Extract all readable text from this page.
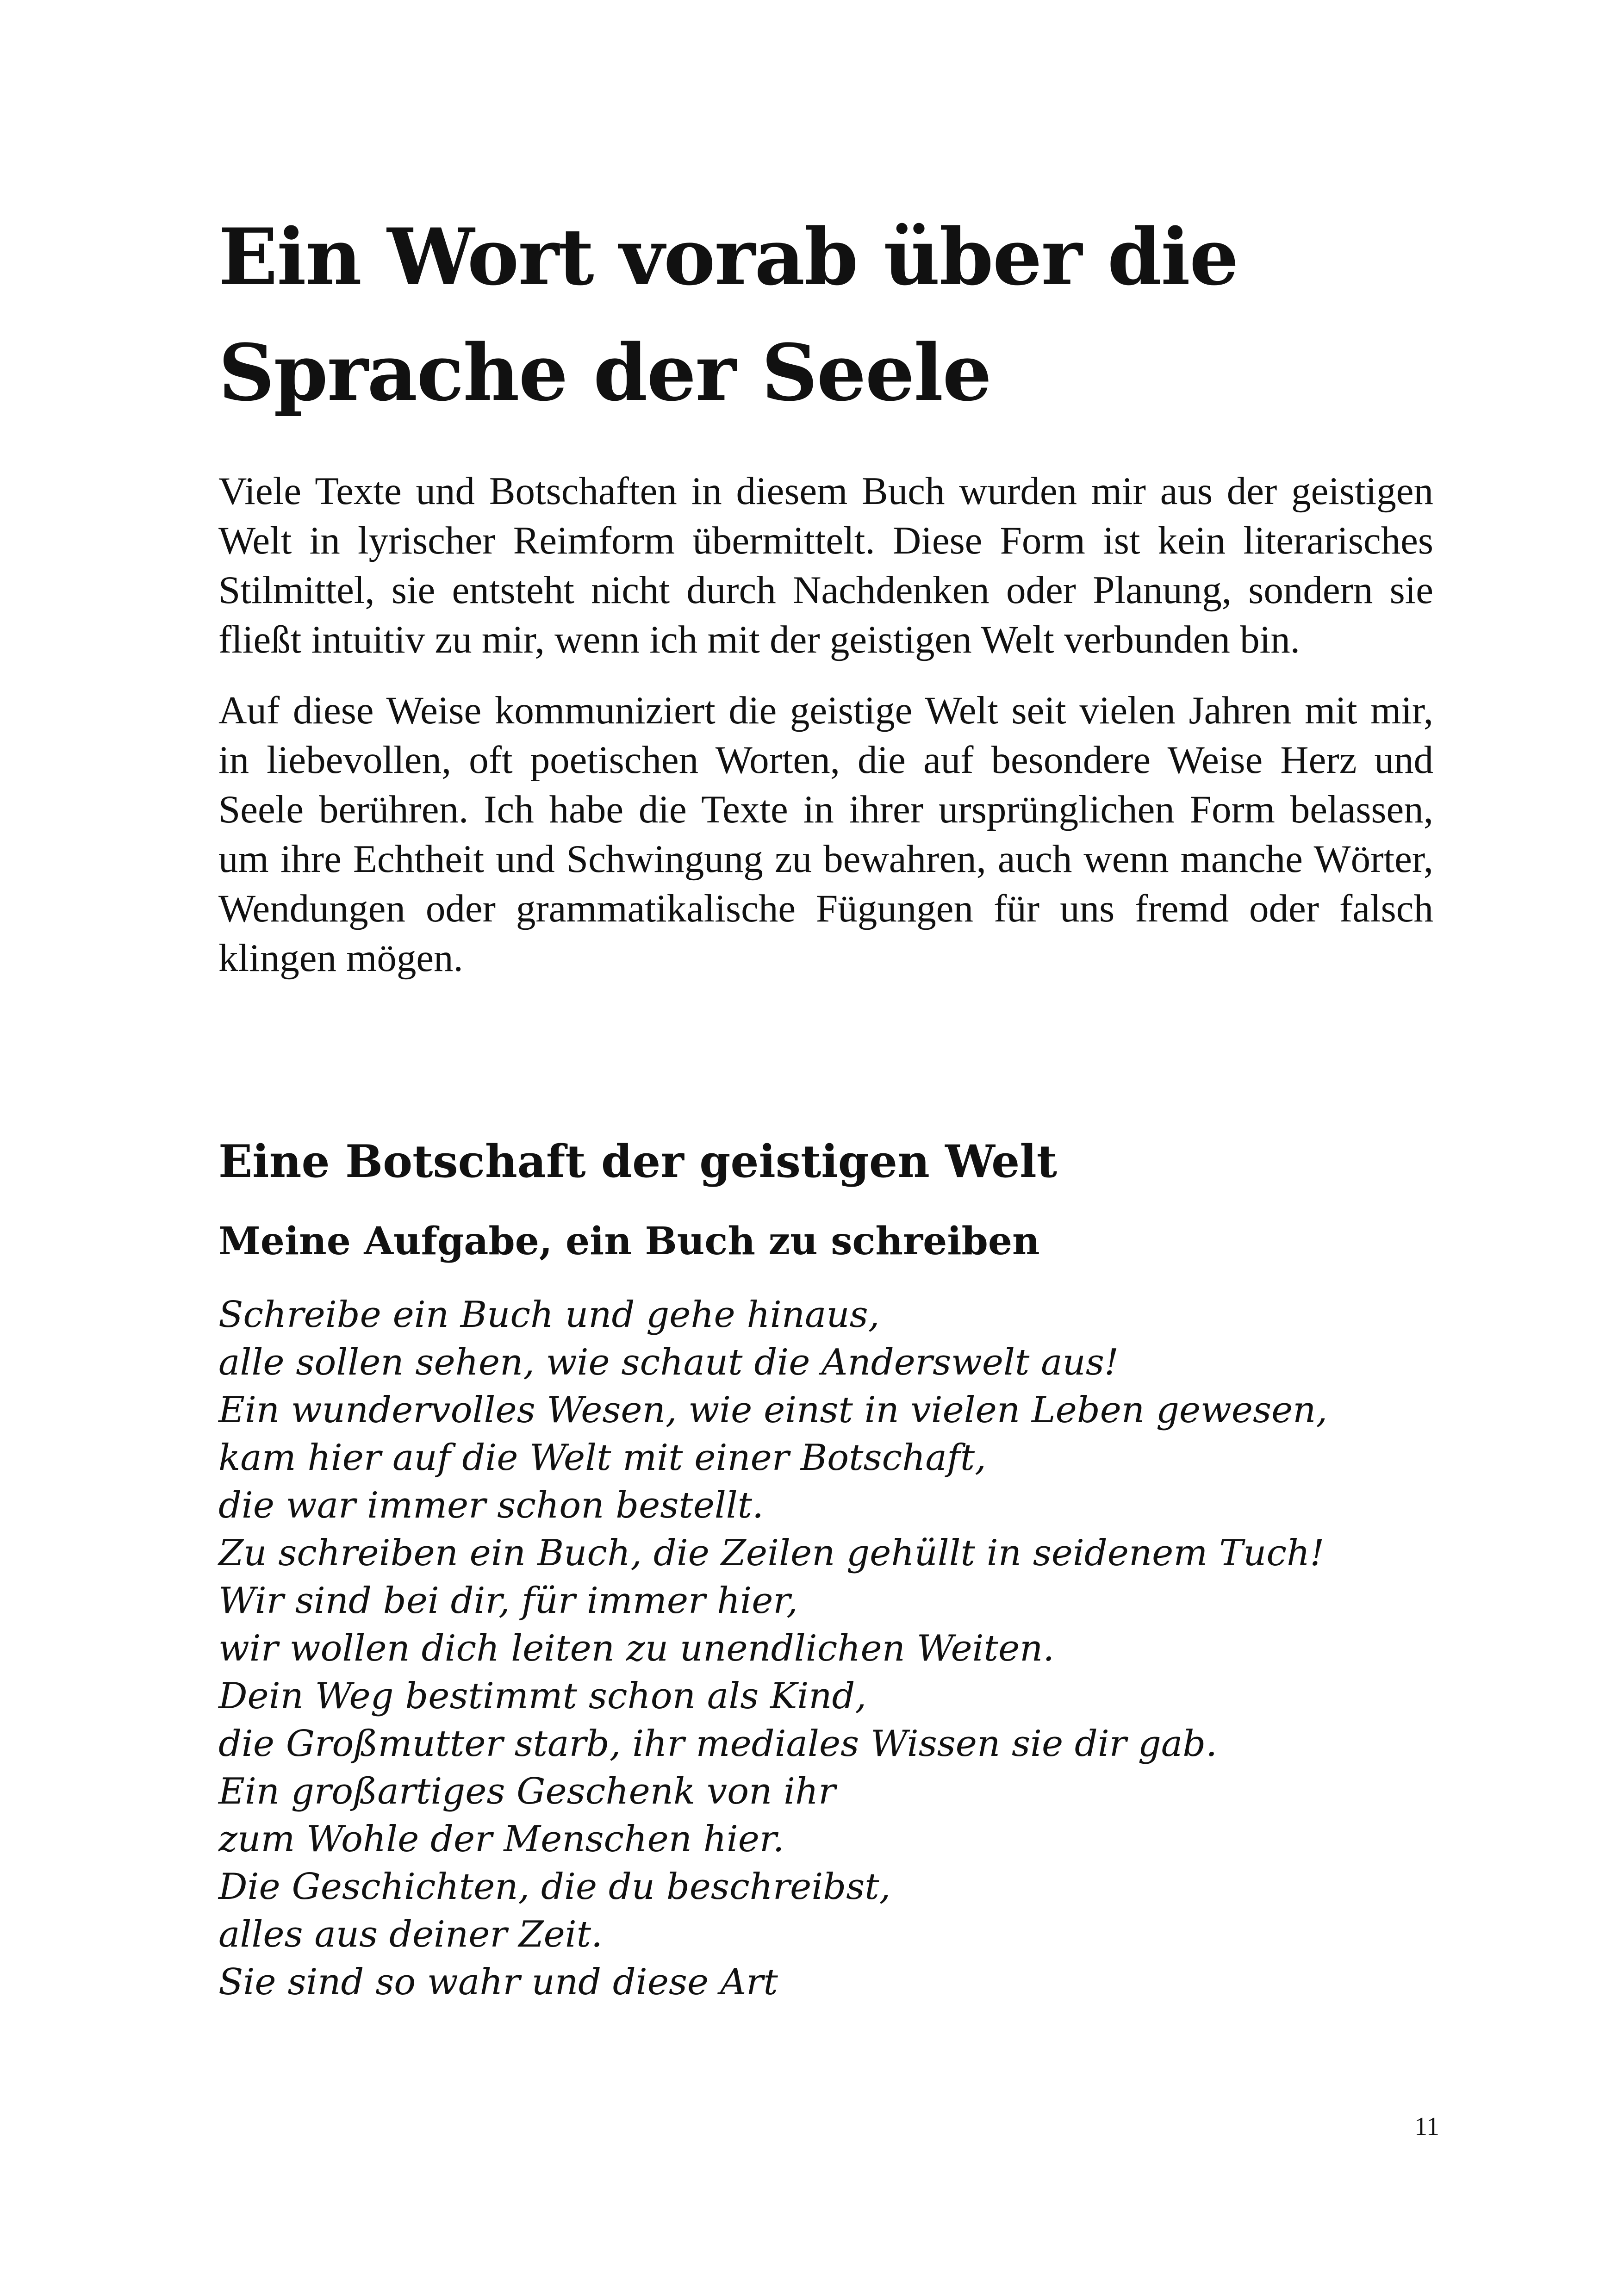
Ein Wort vorab über die
Sprache der Seele

Viele Texte und Botschaften in diesem Buch wurden mir aus der geistigen Welt in lyrischer Reimform übermittelt. Diese Form ist kein literarisches Stilmittel, sie entsteht nicht durch Nachdenken oder Planung, sondern sie fließt intuitiv zu mir, wenn ich mit der geistigen Welt verbunden bin.

Auf diese Weise kommuniziert die geistige Welt seit vielen Jahren mit mir, in liebevollen, oft poetischen Worten, die auf besondere Weise Herz und Seele berühren. Ich habe die Texte in ihrer ursprünglichen Form belassen, um ihre Echtheit und Schwingung zu bewahren, auch wenn manche Wörter, Wendungen oder grammatikalische Fügungen für uns fremd oder falsch klingen mögen.

Eine Botschaft der geistigen Welt
Meine Aufgabe, ein Buch zu schreiben
Schreibe ein Buch und gehe hinaus,
alle sollen sehen, wie schaut die Anderswelt aus!
Ein wundervolles Wesen, wie einst in vielen Leben gewesen,
kam hier auf die Welt mit einer Botschaft,
die war immer schon bestellt.
Zu schreiben ein Buch, die Zeilen gehüllt in seidenem Tuch!
Wir sind bei dir, für immer hier,
wir wollen dich leiten zu unendlichen Weiten.
Dein Weg bestimmt schon als Kind,
die Großmutter starb, ihr mediales Wissen sie dir gab.
Ein großartiges Geschenk von ihr
zum Wohle der Menschen hier.
Die Geschichten, die du beschreibst,
alles aus deiner Zeit.
Sie sind so wahr und diese Art
11
